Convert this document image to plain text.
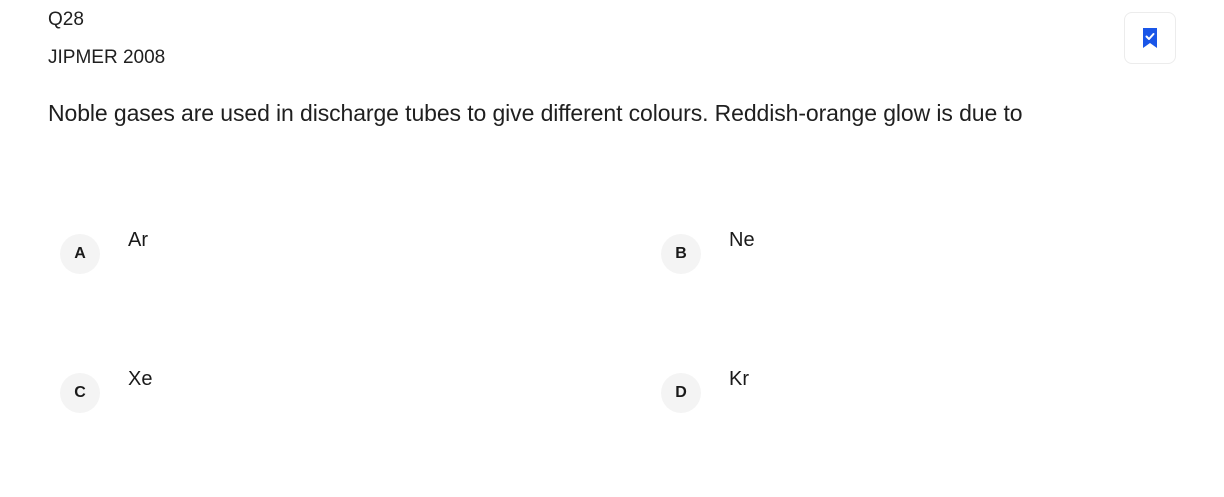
Q28
JIPMER 2008
Noble gases are used in discharge tubes to give different colours. Reddish-orange glow is due to
A
Ar
B
Ne
C
Xe
D
Kr
